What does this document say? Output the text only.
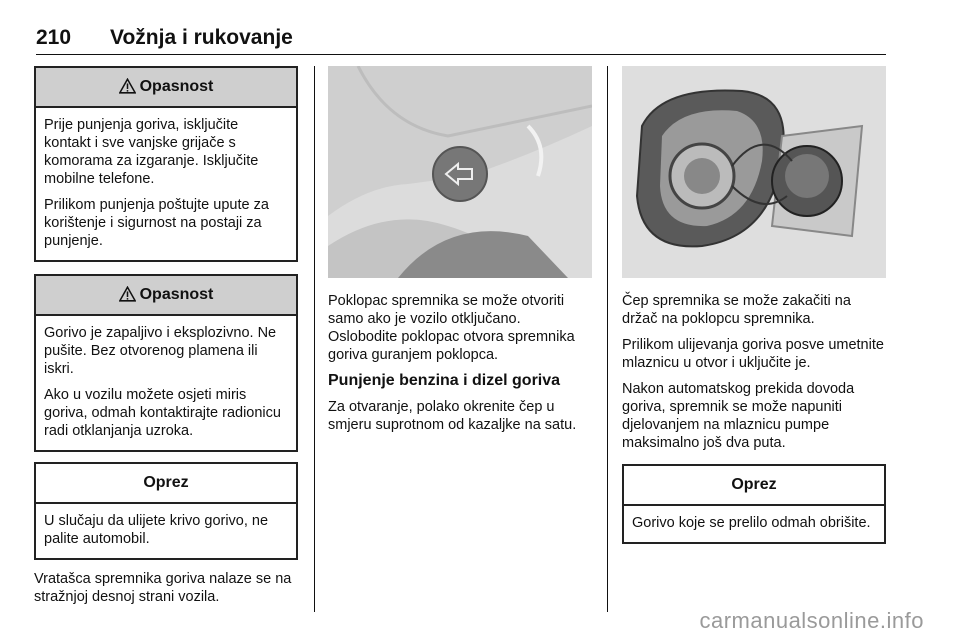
210 Vožnja i rukovanje
Opasnost

Prije punjenja goriva, isključite kontakt i sve vanjske grijače s komorama za izgaranje. Isključite mobilne telefone.

Prilikom punjenja poštujte upute za korištenje i sigurnost na postaji za punjenje.

Opasnost

Gorivo je zapaljivo i eksplozivno. Ne pušite. Bez otvorenog plamena ili iskri.

Ako u vozilu možete osjeti miris goriva, odmah kontaktirajte radionicu radi otklanjanja uzroka.

Oprez

U slučaju da ulijete krivo gorivo, ne palite automobil.

Vratašca spremnika goriva nalaze se na stražnjoj desnoj strani vozila.

Poklopac spremnika se može otvoriti samo ako je vozilo otključano. Oslobodite poklopac otvora spremnika goriva guranjem poklopca.

Punjenje benzina i dizel goriva

Za otvaranje, polako okrenite čep u smjeru suprotnom od kazaljke na satu.

Čep spremnika se može zakačiti na držač na poklopcu spremnika.

Prilikom ulijevanja goriva posve umetnite mlaznicu u otvor i uključite je.

Nakon automatskog prekida dovoda goriva, spremnik se može napuniti djelovanjem na mlaznicu pumpe maksimalno još dva puta.

Oprez

Gorivo koje se prelilo odmah obrišite.

carmanualsonline.info
